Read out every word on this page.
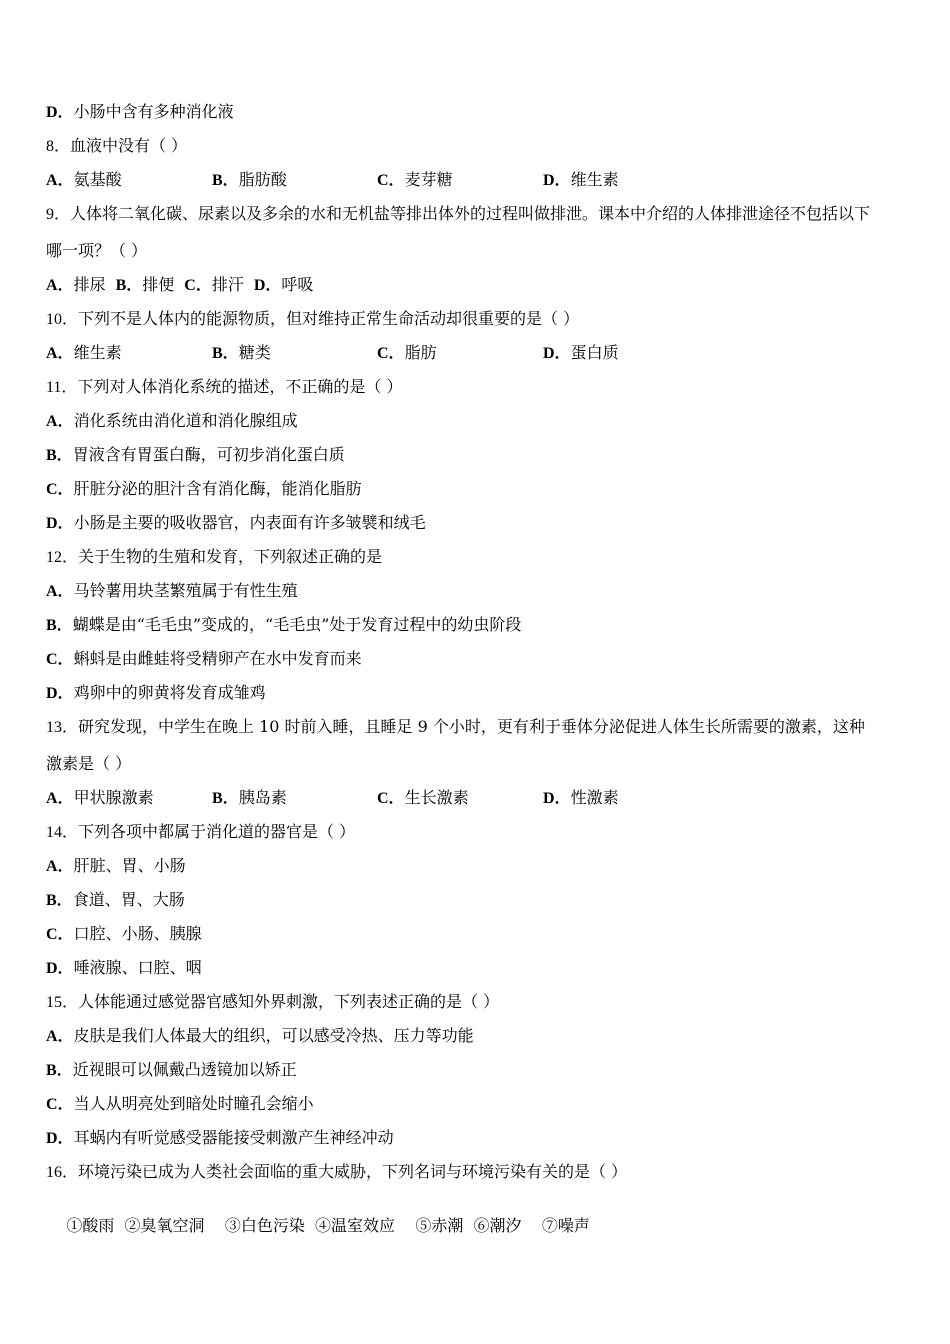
D．小肠中含有多种消化液
8．血液中没有（ ）
A．氨基酸	B．脂肪酸	C．麦芽糖	D．维生素
9．人体将二氧化碳、尿素以及多余的水和无机盐等排出体外的过程叫做排泄。课本中介绍的人体排泄途径不包括以下
哪一项？（ ）
A．排尿 B．排便 C．排汗 D．呼吸
10．下列不是人体内的能源物质，但对维持正常生命活动却很重要的是（ ）
A．维生素	B．糖类	C．脂肪	D．蛋白质
11．下列对人体消化系统的描述，不正确的是（ ）
A．消化系统由消化道和消化腺组成
B．胃液含有胃蛋白酶，可初步消化蛋白质
C．肝脏分泌的胆汁含有消化酶，能消化脂肪
D．小肠是主要的吸收器官，内表面有许多皱襞和绒毛
12．关于生物的生殖和发育，下列叙述正确的是
A．马铃薯用块茎繁殖属于有性生殖
B．蝴蝶是由“毛毛虫”变成的，“毛毛虫”处于发育过程中的幼虫阶段
C．蝌蚪是由雌蛙将受精卵产在水中发育而来
D．鸡卵中的卵黄将发育成雏鸡
13．研究发现，中学生在晚上 10 时前入睡，且睡足 9 个小时，更有利于垂体分泌促进人体生长所需要的激素，这种
激素是（ ）
A．甲状腺激素	B．胰岛素	C．生长激素	D．性激素
14．下列各项中都属于消化道的器官是（ ）
A．肝脏、胃、小肠
B．食道、胃、大肠
C．口腔、小肠、胰腺
D．唾液腺、口腔、咽
15．人体能通过感觉器官感知外界刺激，下列表述正确的是（ ）
A．皮肤是我们人体最大的组织，可以感受冷热、压力等功能
B．近视眼可以佩戴凸透镜加以矫正
C．当人从明亮处到暗处时瞳孔会缩小
D．耳蜗内有听觉感受器能接受刺激产生神经冲动
16．环境污染已成为人类社会面临的重大威胁，下列名词与环境污染有关的是（ ）

①酸雨  ②臭氧空洞    ③白色污染  ④温室效应    ⑤赤潮  ⑥潮汐    ⑦噪声
